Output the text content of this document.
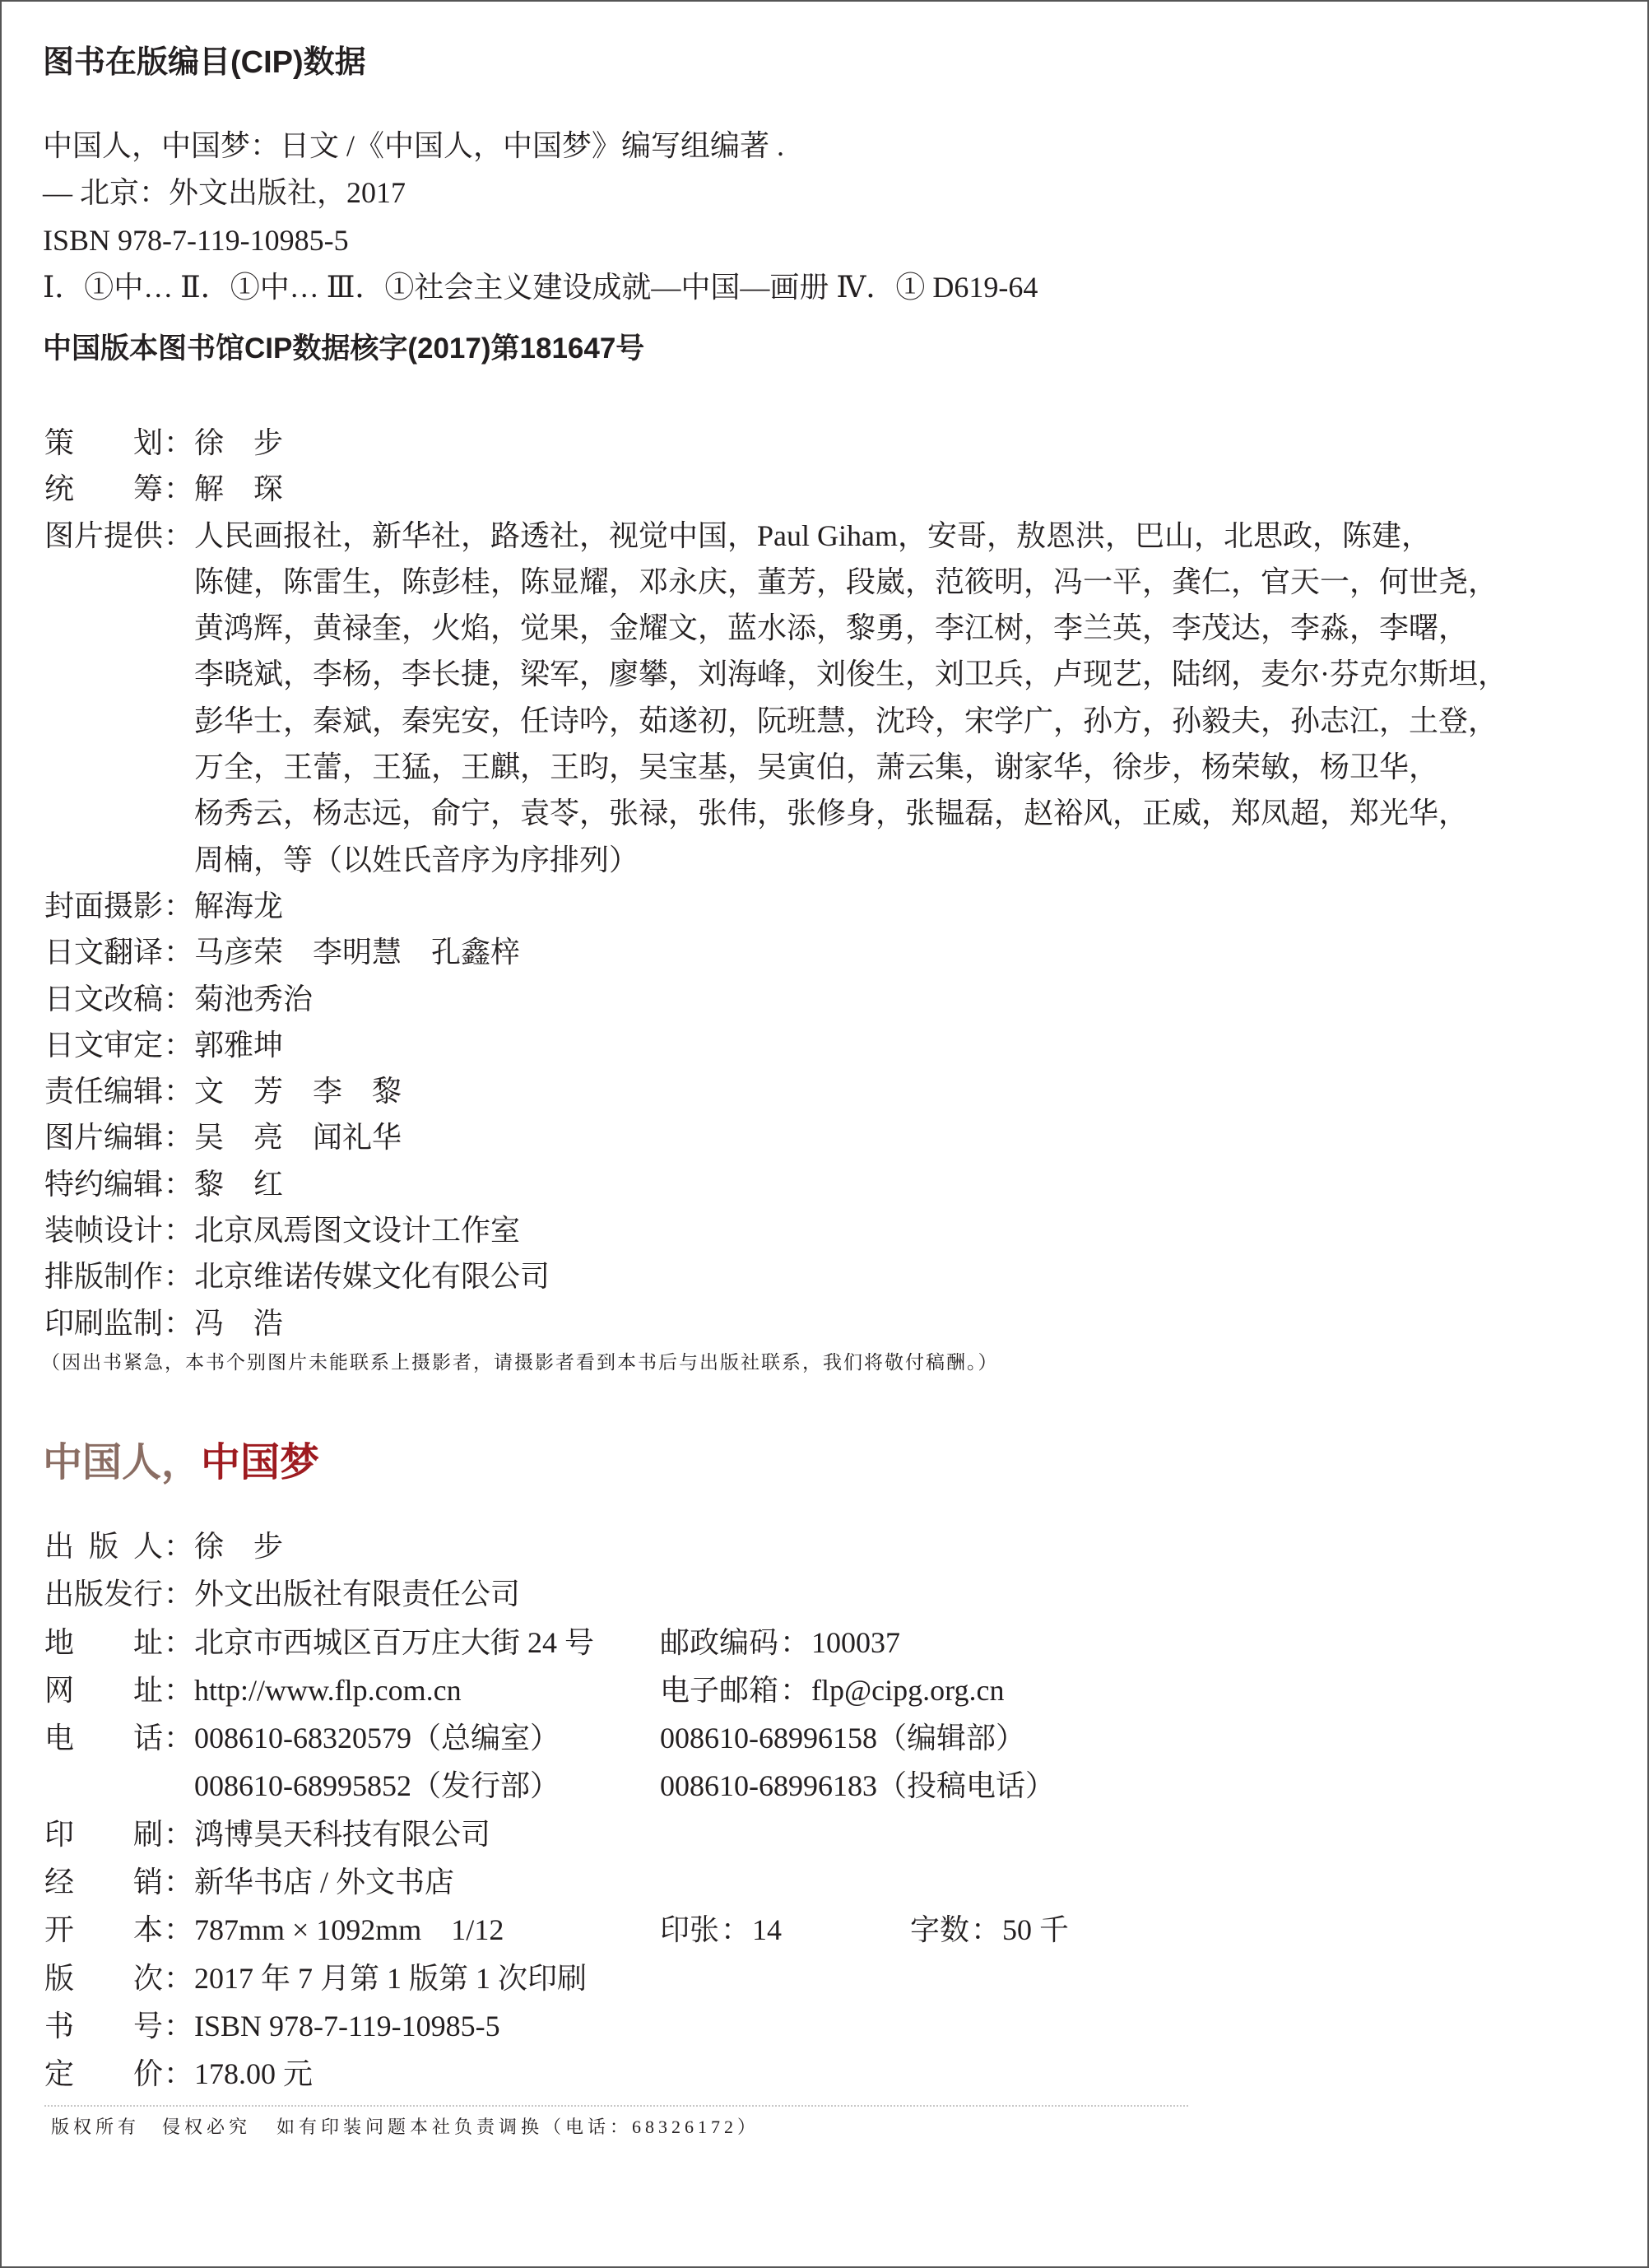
图书在版编目(CIP)数据
中国人，中国梦：日文 /《中国人，中国梦》编写组编著 .
— 北京：外文出版社，2017
ISBN 978-7-119-10985-5
Ⅰ．①中… Ⅱ．①中… Ⅲ．①社会主义建设成就—中国—画册 Ⅳ．① D619-64
中国版本图书馆CIP数据核字(2017)第181647号
策 划 ： 徐　步
统 筹 ： 解　琛
图片提供 ： 人民画报社，新华社，路透社，视觉中国，Paul Giham，安哥，敖恩洪，巴山，北思政，陈建，
陈健，陈雷生，陈彭桂，陈显耀，邓永庆，董芳，段崴，范筱明，冯一平，龚仁，官天一，何世尧，
黄鸿辉，黄禄奎，火焰，觉果，金耀文，蓝水添，黎勇，李江树，李兰英，李茂达，李淼，李曙，
李晓斌，李杨，李长捷，梁军，廖攀，刘海峰，刘俊生，刘卫兵，卢现艺，陆纲，麦尔·芬克尔斯坦，
彭华士，秦斌，秦宪安，任诗吟，茹遂初，阮班慧，沈玲，宋学广，孙方，孙毅夫，孙志江，土登，
万全，王蕾，王猛，王麒，王昀，吴宝基，吴寅伯，萧云集，谢家华，徐步，杨荣敏，杨卫华，
杨秀云，杨志远，俞宁，袁苓，张禄，张伟，张修身，张韫磊，赵裕风，正威，郑凤超，郑光华，
周楠，等（以姓氏音序为序排列）
封面摄影 ： 解海龙
日文翻译 ： 马彦荣　李明慧　孔鑫梓
日文改稿 ： 菊池秀治
日文审定 ： 郭雅坤
责任编辑 ： 文　芳　李　黎
图片编辑 ： 吴　亮　闻礼华
特约编辑 ： 黎　红
装帧设计 ： 北京凤焉图文设计工作室
排版制作 ： 北京维诺传媒文化有限公司
印刷监制 ： 冯　浩
（因出书紧急，本书个别图片未能联系上摄影者，请摄影者看到本书后与出版社联系，我们将敬付稿酬。）
中国人，中国梦
出 版 人：徐　步
出版发行：外文出版社有限责任公司
地 址：北京市西城区百万庄大街 24 号 邮政编码：100037
网 址：http://www.flp.com.cn	电子邮箱：flp@cipg.org.cn
电 话：008610-68320579（总编室）	008610-68996158（编辑部）
008610-68995852（发行部）	008610-68996183（投稿电话）
印 刷：鸿博昊天科技有限公司
经 销：新华书店 / 外文书店
开 本：787mm × 1092mm　1/12	印张：14	字数：50 千
版 次：2017 年 7 月第 1 版第 1 次印刷
书 号：ISBN 978-7-119-10985-5
定 价：178.00 元
版权所有　侵权必究 如有印装问题本社负责调换（电话：68326172）
